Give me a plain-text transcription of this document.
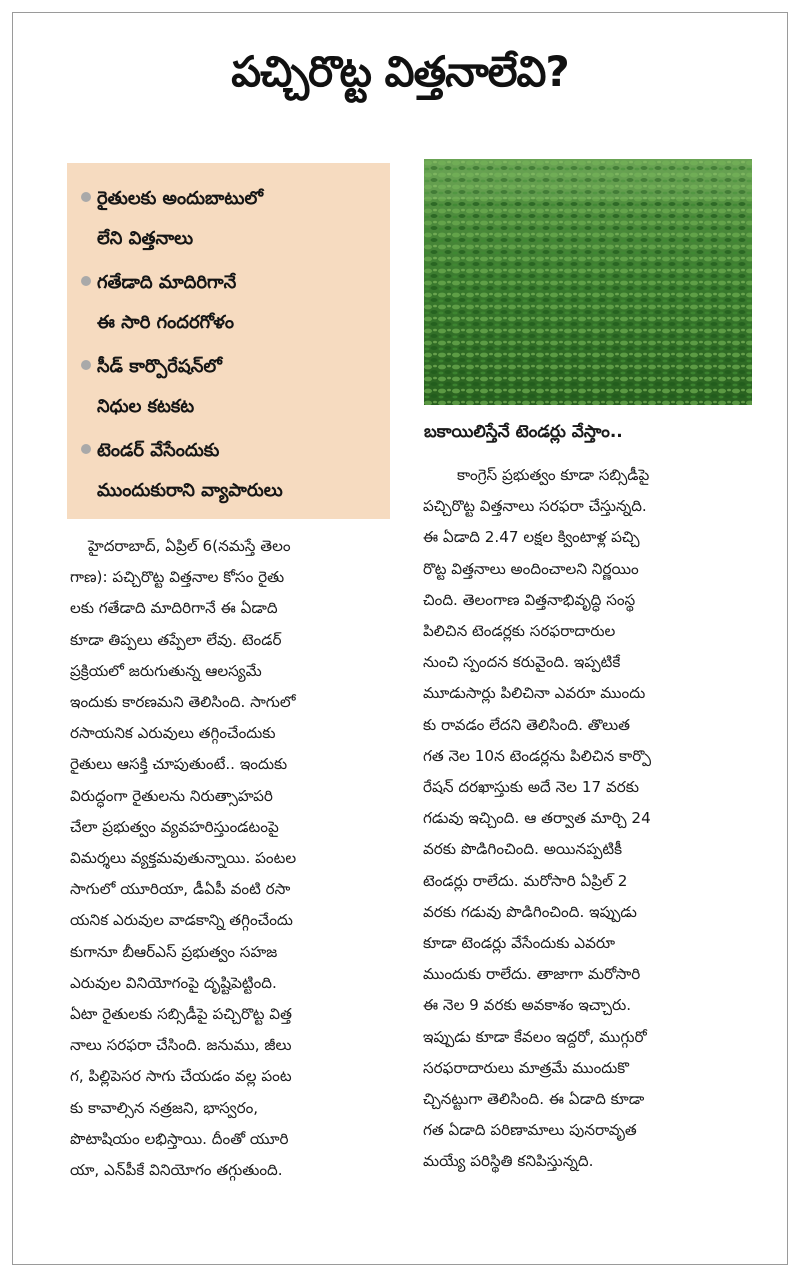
పచ్చిరొట్ట విత్తనాలేవి?
రైతులకు అందుబాటులో
లేని విత్తనాలు
గతేడాది మాదిరిగానే
ఈ సారి గందరగోళం
సీడ్ కార్పొరేషన్‌లో
నిధుల కటకట
టెండర్ వేసేందుకు
ముందుకురాని వ్యాపారులు
బకాయిలిస్తేనే టెండర్లు వేస్తాం..
హైదరాబాద్, ఏప్రిల్ 6(నమస్తే తెలం
గాణ): పచ్చిరొట్ట విత్తనాల కోసం రైతు
లకు గతేడాది మాదిరిగానే ఈ ఏడాది
కూడా తిప్పలు తప్పేలా లేవు. టెండర్
ప్రక్రియలో జరుగుతున్న ఆలస్యమే
ఇందుకు కారణమని తెలిసింది. సాగులో
రసాయనిక ఎరువులు తగ్గించేందుకు
రైతులు ఆసక్తి చూపుతుంటే.. ఇందుకు
విరుద్ధంగా రైతులను నిరుత్సాహపరి
చేలా ప్రభుత్వం వ్యవహరిస్తుండటంపై
విమర్శలు వ్యక్తమవుతున్నాయి. పంటల
సాగులో యూరియా, డీఏపీ వంటి రసా
యనిక ఎరువుల వాడకాన్ని తగ్గించేందు
కుగానూ బీఆర్ఎస్ ప్రభుత్వం సహజ
ఎరువుల వినియోగంపై దృష్టిపెట్టింది.
ఏటా రైతులకు సబ్సిడీపై పచ్చిరొట్ట విత్త
నాలు సరఫరా చేసింది. జనుము, జీలు
గ, పిల్లిపెసర సాగు చేయడం వల్ల పంట
కు కావాల్సిన నత్రజని, భాస్వరం,
పొటాషియం లభిస్తాయి. దీంతో యూరి
యా, ఎన్‌పీకే వినియోగం తగ్గుతుంది.
కాంగ్రెస్ ప్రభుత్వం కూడా సబ్సిడీపై
పచ్చిరొట్ట విత్తనాలు సరఫరా చేస్తున్నది.
ఈ ఏడాది 2.47 లక్షల క్వింటాళ్ల పచ్చి
రొట్ట విత్తనాలు అందించాలని నిర్ణయిం
చింది. తెలంగాణ విత్తనాభివృద్ధి సంస్థ
పిలిచిన టెండర్లకు సరఫరాదారుల
నుంచి స్పందన కరువైంది. ఇప్పటికే
మూడుసార్లు పిలిచినా ఎవరూ ముందు
కు రావడం లేదని తెలిసింది. తొలుత
గత నెల 10న టెండర్లను పిలిచిన కార్పొ
రేషన్ దరఖాస్తుకు అదే నెల 17 వరకు
గడువు ఇచ్చింది. ఆ తర్వాత మార్చి 24
వరకు పొడిగించింది. అయినప్పటికీ
టెండర్లు రాలేదు. మరోసారి ఏప్రిల్ 2
వరకు గడువు పొడిగించింది. ఇప్పుడు
కూడా టెండర్లు వేసేందుకు ఎవరూ
ముందుకు రాలేదు. తాజాగా మరోసారి
ఈ నెల 9 వరకు అవకాశం ఇచ్చారు.
ఇప్పుడు కూడా కేవలం ఇద్దరో, ముగ్గురో
సరఫరాదారులు మాత్రమే ముందుకొ
చ్చినట్టుగా తెలిసింది. ఈ ఏడాది కూడా
గత ఏడాది పరిణామాలు పునరావృత
మయ్యే పరిస్థితి కనిపిస్తున్నది.
